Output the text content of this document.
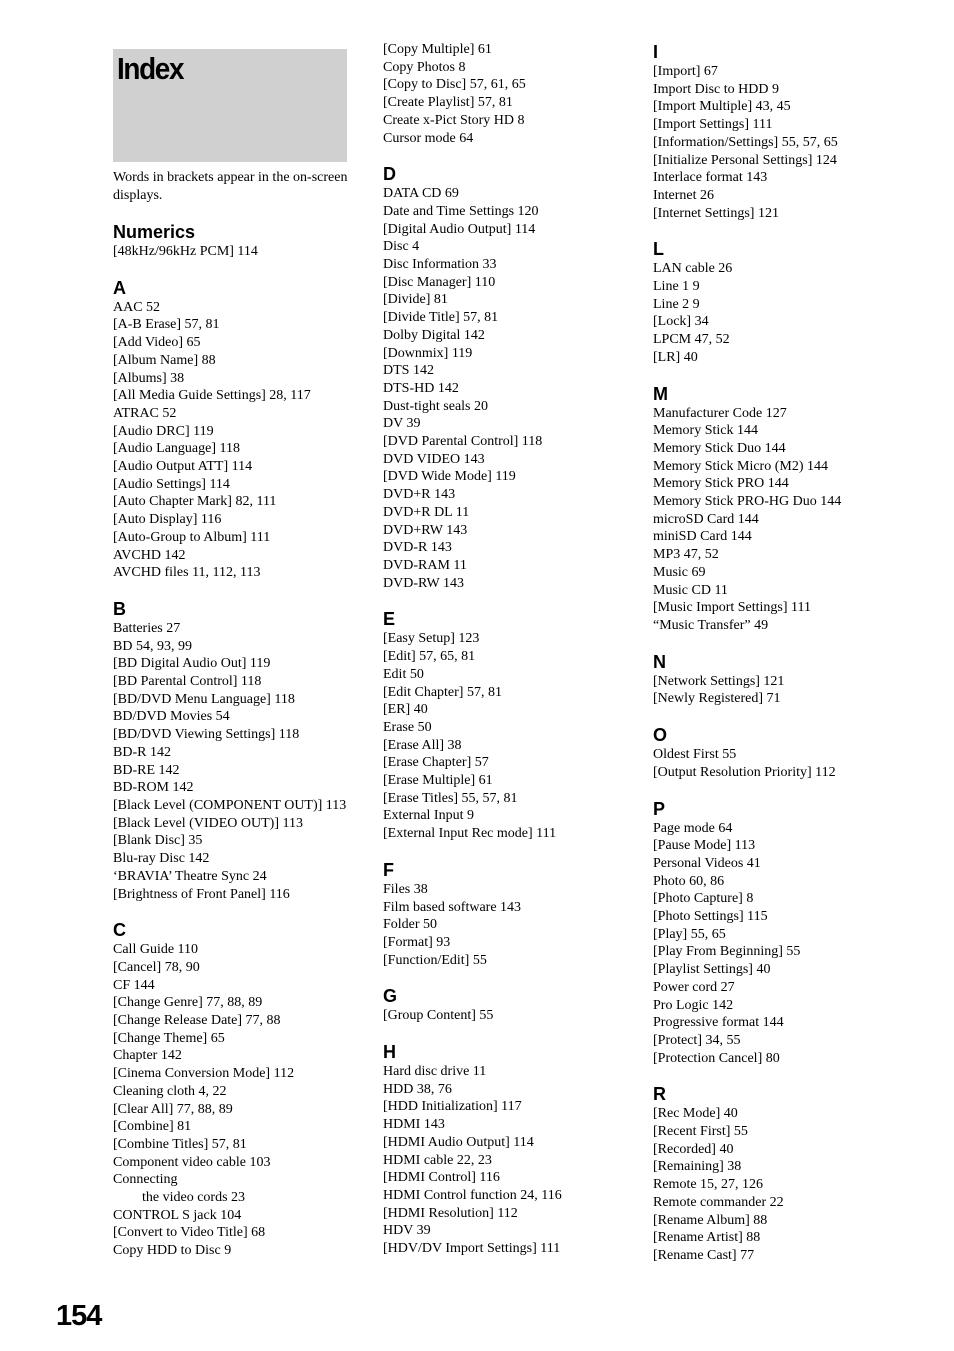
Index

Words in brackets appear in the on-screen displays.

Numerics
[48kHz/96kHz PCM] 114
A
AAC 52
[A-B Erase] 57, 81
[Add Video] 65
[Album Name] 88
[Albums] 38
[All Media Guide Settings] 28, 117
ATRAC 52
[Audio DRC] 119
[Audio Language] 118
[Audio Output ATT] 114
[Audio Settings] 114
[Auto Chapter Mark] 82, 111
[Auto Display] 116
[Auto-Group to Album] 111
AVCHD 142
AVCHD files 11, 112, 113
B
Batteries 27
BD 54, 93, 99
[BD Digital Audio Out] 119
[BD Parental Control] 118
[BD/DVD Menu Language] 118
BD/DVD Movies 54
[BD/DVD Viewing Settings] 118
BD-R 142
BD-RE 142
BD-ROM 142
[Black Level (COMPONENT OUT)] 113
[Black Level (VIDEO OUT)] 113
[Blank Disc] 35
Blu-ray Disc 142
‘BRAVIA’ Theatre Sync 24
[Brightness of Front Panel] 116
C
Call Guide 110
[Cancel] 78, 90
CF 144
[Change Genre] 77, 88, 89
[Change Release Date] 77, 88
[Change Theme] 65
Chapter 142
[Cinema Conversion Mode] 112
Cleaning cloth 4, 22
[Clear All] 77, 88, 89
[Combine] 81
[Combine Titles] 57, 81
Component video cable 103
Connecting
the video cords 23
CONTROL S jack 104
[Convert to Video Title] 68
Copy HDD to Disc 9
[Copy Multiple] 61
Copy Photos 8
[Copy to Disc] 57, 61, 65
[Create Playlist] 57, 81
Create x-Pict Story HD 8
Cursor mode 64
D
DATA CD 69
Date and Time Settings 120
[Digital Audio Output] 114
Disc 4
Disc Information 33
[Disc Manager] 110
[Divide] 81
[Divide Title] 57, 81
Dolby Digital 142
[Downmix] 119
DTS 142
DTS-HD 142
Dust-tight seals 20
DV 39
[DVD Parental Control] 118
DVD VIDEO 143
[DVD Wide Mode] 119
DVD+R 143
DVD+R DL 11
DVD+RW 143
DVD-R 143
DVD-RAM 11
DVD-RW 143
E
[Easy Setup] 123
[Edit] 57, 65, 81
Edit 50
[Edit Chapter] 57, 81
[ER] 40
Erase 50
[Erase All] 38
[Erase Chapter] 57
[Erase Multiple] 61
[Erase Titles] 55, 57, 81
External Input 9
[External Input Rec mode] 111
F
Files 38
Film based software 143
Folder 50
[Format] 93
[Function/Edit] 55
G
[Group Content] 55
H
Hard disc drive 11
HDD 38, 76
[HDD Initialization] 117
HDMI 143
[HDMI Audio Output] 114
HDMI cable 22, 23
[HDMI Control] 116
HDMI Control function 24, 116
[HDMI Resolution] 112
HDV 39
[HDV/DV Import Settings] 111
I
[Import] 67
Import Disc to HDD 9
[Import Multiple] 43, 45
[Import Settings] 111
[Information/Settings] 55, 57, 65
[Initialize Personal Settings] 124
Interlace format 143
Internet 26
[Internet Settings] 121
L
LAN cable 26
Line 1 9
Line 2 9
[Lock] 34
LPCM 47, 52
[LR] 40
M
Manufacturer Code 127
Memory Stick 144
Memory Stick Duo 144
Memory Stick Micro (M2) 144
Memory Stick PRO 144
Memory Stick PRO-HG Duo 144
microSD Card 144
miniSD Card 144
MP3 47, 52
Music 69
Music CD 11
[Music Import Settings] 111
“Music Transfer” 49
N
[Network Settings] 121
[Newly Registered] 71
O
Oldest First 55
[Output Resolution Priority] 112
P
Page mode 64
[Pause Mode] 113
Personal Videos 41
Photo 60, 86
[Photo Capture] 8
[Photo Settings] 115
[Play] 55, 65
[Play From Beginning] 55
[Playlist Settings] 40
Power cord 27
Pro Logic 142
Progressive format 144
[Protect] 34, 55
[Protection Cancel] 80
R
[Rec Mode] 40
[Recent First] 55
[Recorded] 40
[Remaining] 38
Remote 15, 27, 126
Remote commander 22
[Rename Album] 88
[Rename Artist] 88
[Rename Cast] 77
154
